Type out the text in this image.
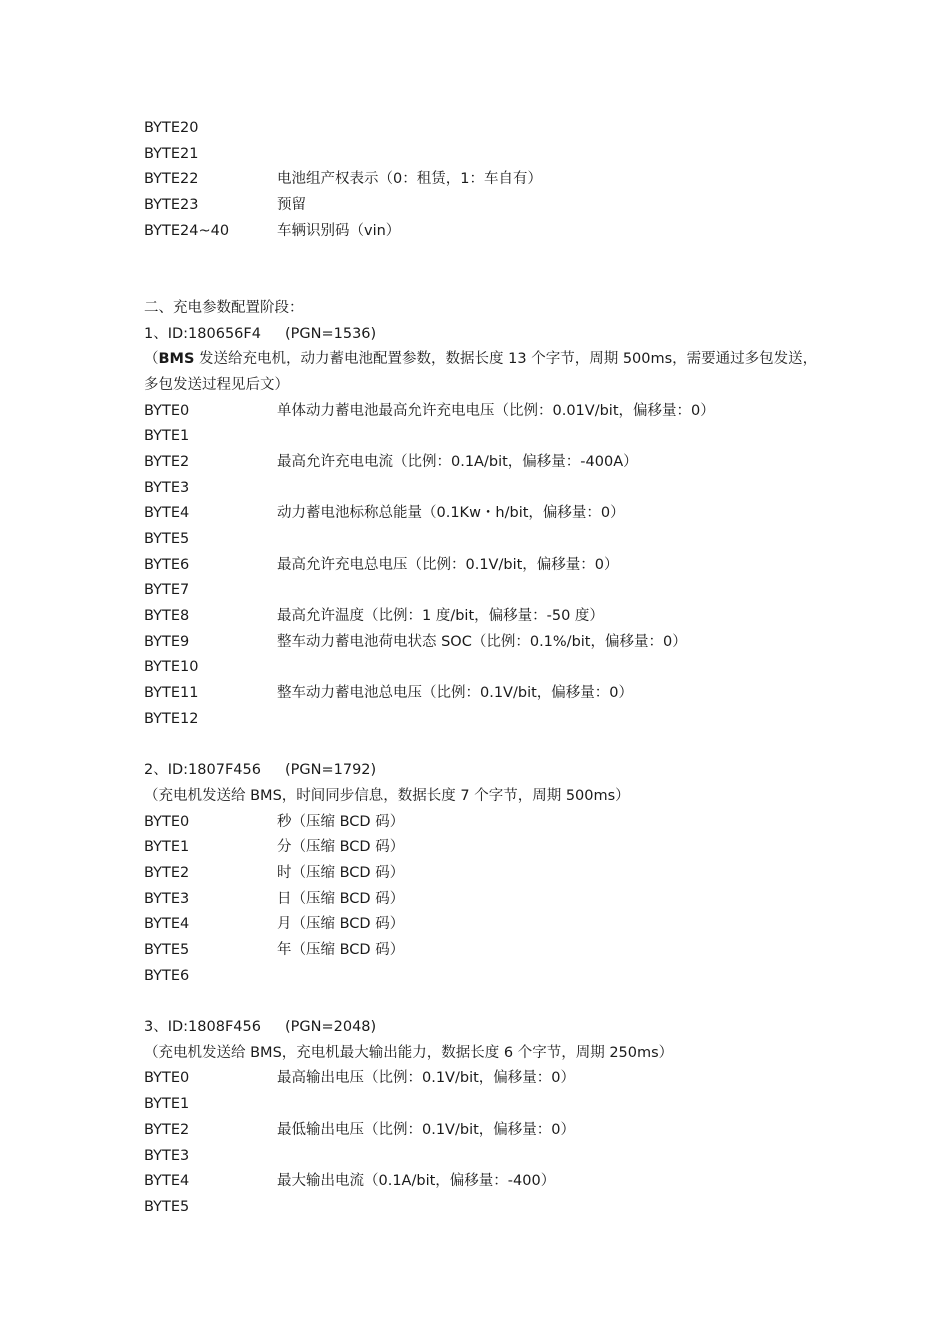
BYTE20
BYTE21
BYTE22	电池组产权表示（0：租赁，1：车自有）
BYTE23	预留
BYTE24~40	车辆识别码（vin）
二、充电参数配置阶段：
1、ID:180656F4 (PGN=1536)
（BMS 发送给充电机，动力蓄电池配置参数，数据长度 13 个字节，周期 500ms，需要通过多包发送，多包发送过程见后文）
BYTE0	单体动力蓄电池最高允许充电电压（比例：0.01V/bit，偏移量：0）
BYTE1
BYTE2	最高允许充电电流（比例：0.1A/bit，偏移量：-400A）
BYTE3
BYTE4	动力蓄电池标称总能量（0.1Kw・h/bit，偏移量：0）
BYTE5
BYTE6	最高允许充电总电压（比例：0.1V/bit，偏移量：0）
BYTE7
BYTE8	最高允许温度（比例：1 度/bit，偏移量：-50 度）
BYTE9	整车动力蓄电池荷电状态 SOC（比例：0.1%/bit，偏移量：0）
BYTE10
BYTE11	整车动力蓄电池总电压（比例：0.1V/bit，偏移量：0）
BYTE12
2、ID:1807F456 (PGN=1792)
（充电机发送给 BMS，时间同步信息，数据长度 7 个字节，周期 500ms）
BYTE0	秒（压缩 BCD 码）
BYTE1	分（压缩 BCD 码）
BYTE2	时（压缩 BCD 码）
BYTE3	日（压缩 BCD 码）
BYTE4	月（压缩 BCD 码）
BYTE5	年（压缩 BCD 码）
BYTE6
3、ID:1808F456 (PGN=2048)
（充电机发送给 BMS，充电机最大输出能力，数据长度 6 个字节，周期 250ms）
BYTE0	最高输出电压（比例：0.1V/bit，偏移量：0）
BYTE1
BYTE2	最低输出电压（比例：0.1V/bit，偏移量：0）
BYTE3
BYTE4	最大输出电流（0.1A/bit，偏移量：-400）
BYTE5
